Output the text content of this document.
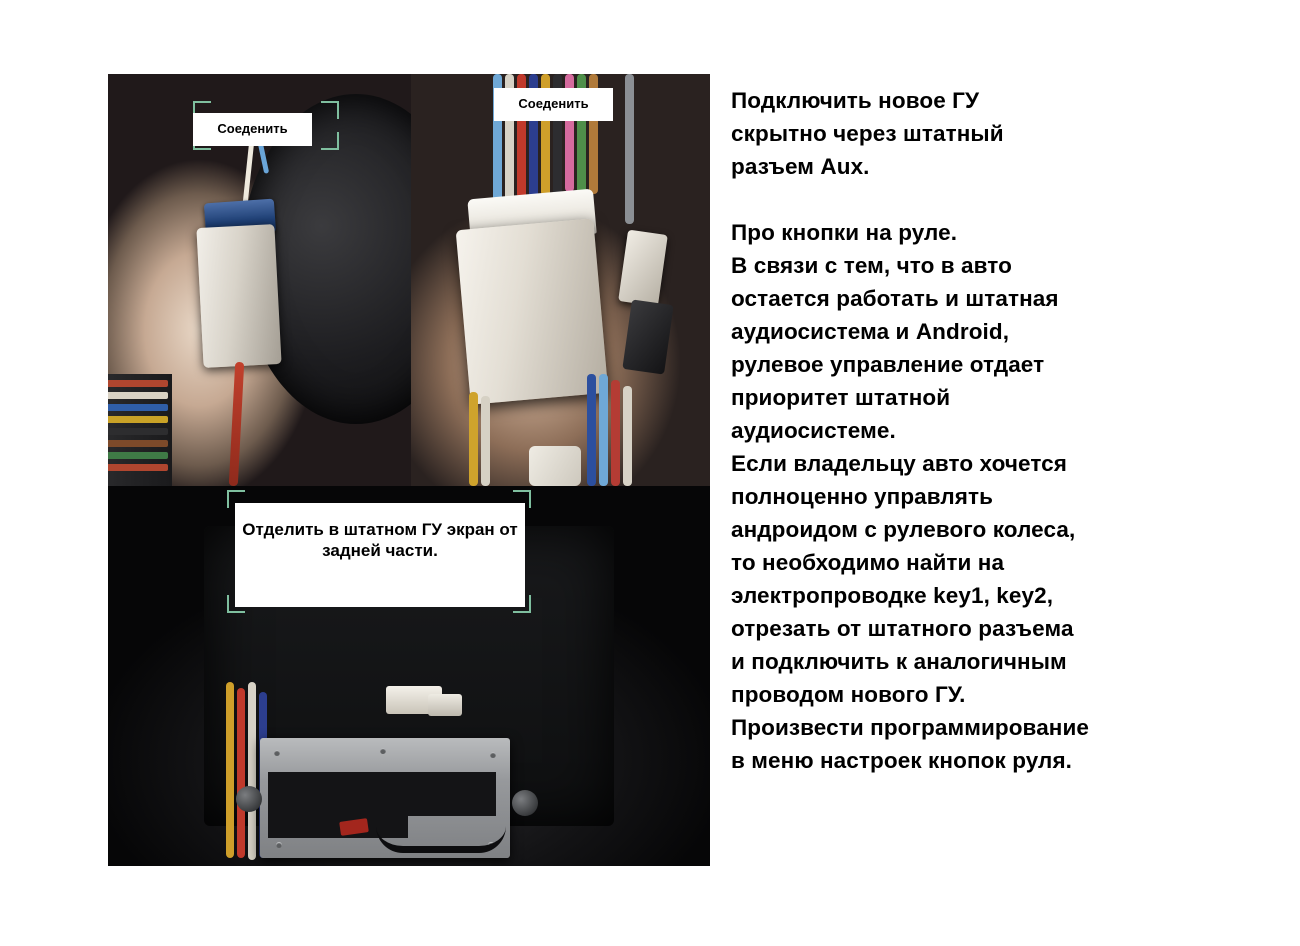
Соеденить
Соеденить
Отделить в штатном ГУ экран от задней части.

Подключить новое ГУ

скрытно через штатный

разъем Aux.

Про кнопки на руле.

В связи с тем, что в авто

остается работать и штатная

аудиосистема и Android,

рулевое управление отдает

приоритет штатной

аудиосистеме.

Если владельцу авто хочется

полноценно управлять

андроидом с рулевого колеса,

то необходимо найти на

электропроводке key1, key2,

отрезать от штатного разъема

и подключить к аналогичным

проводом нового ГУ.

Произвести программирование

в меню настроек кнопок руля.
